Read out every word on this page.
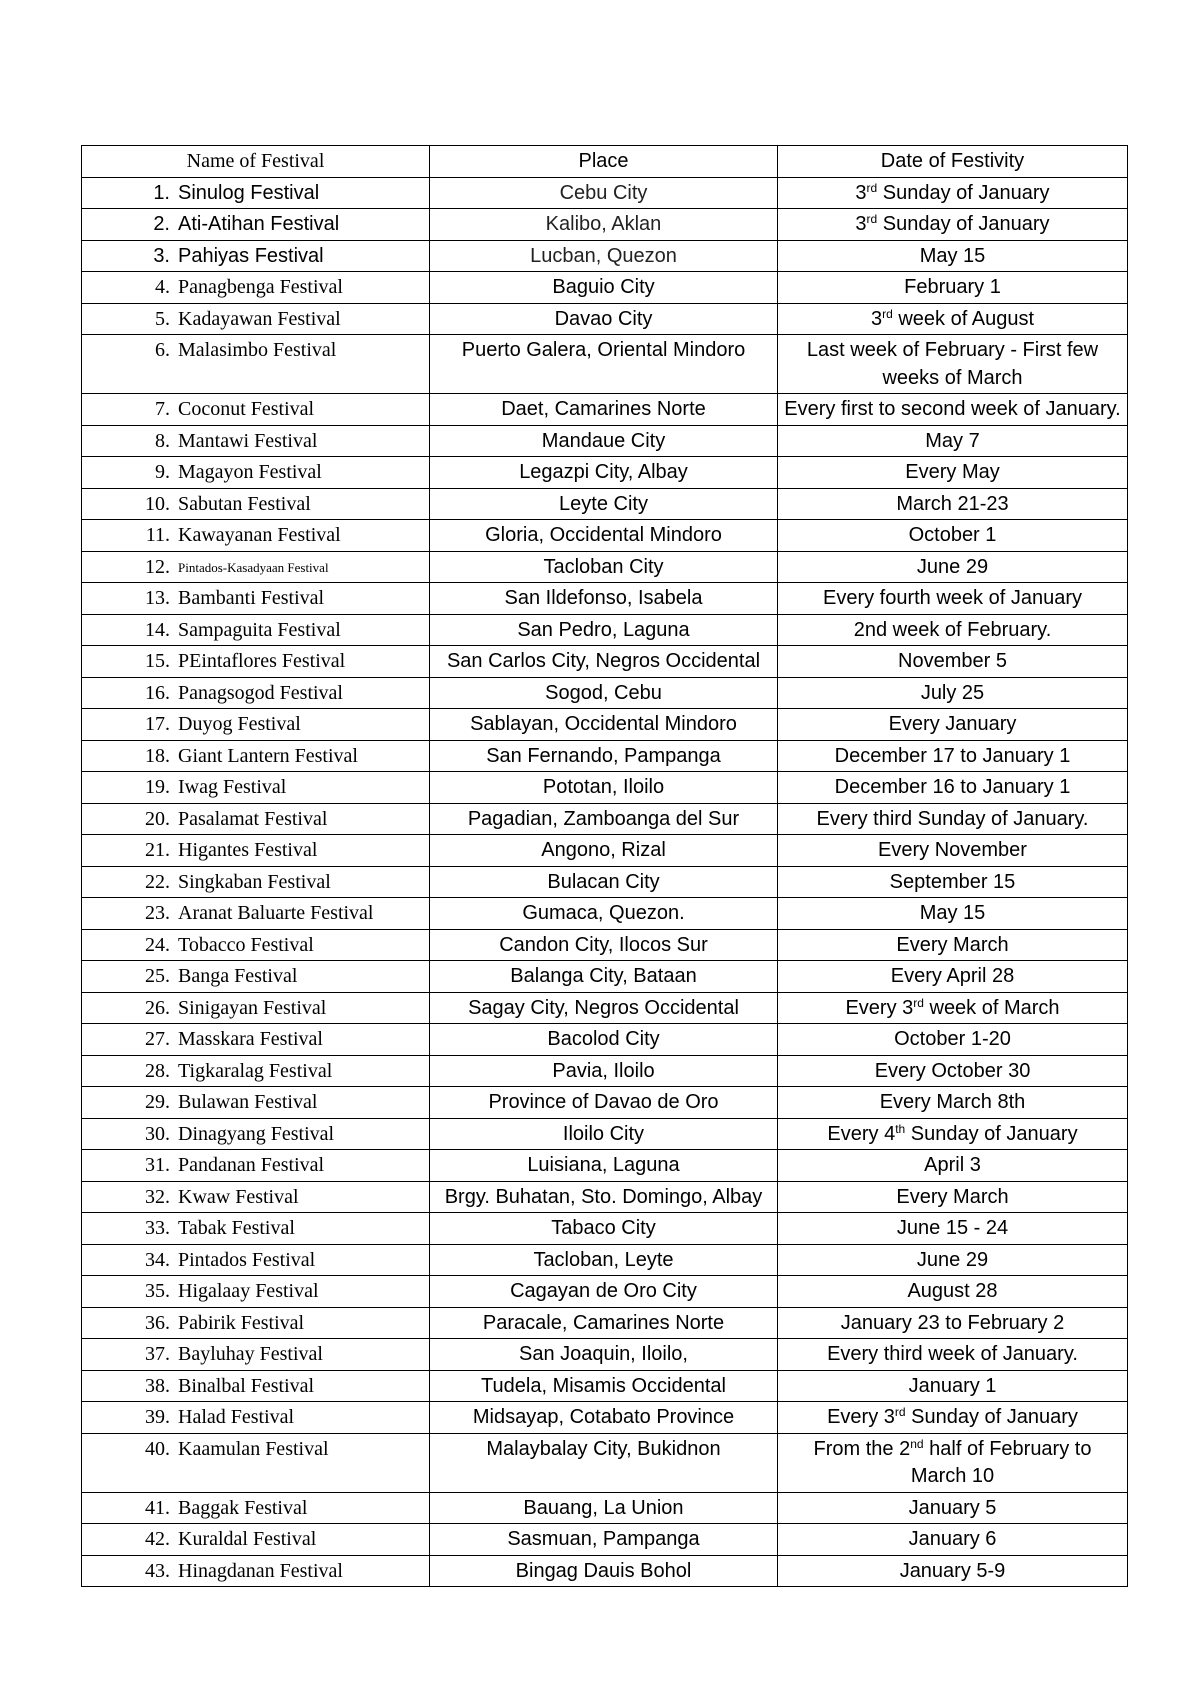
Name of Festival	Place	Date of Festivity

1. Sinulog Festival	Cebu City	3rd Sunday of January

2. Ati-Atihan Festival	Kalibo, Aklan	3rd Sunday of January

3. Pahiyas Festival	Lucban, Quezon	May 15

4. Panagbenga Festival	Baguio City	February 1

5. Kadayawan Festival	Davao City	3rd week of August

6. Malasimbo Festival	Puerto Galera, Oriental Mindoro	Last week of February - First few weeks of March

7. Coconut Festival	Daet, Camarines Norte	Every first to second week of January.

8. Mantawi Festival	Mandaue City	May 7

9. Magayon Festival	Legazpi City, Albay	Every May

10. Sabutan Festival	Leyte City	March 21-23

11. Kawayanan Festival	Gloria, Occidental Mindoro	October 1

12. Pintados-Kasadyaan Festival	Tacloban City	June 29

13. Bambanti Festival	San Ildefonso, Isabela	Every fourth week of January

14. Sampaguita Festival	San Pedro, Laguna	2nd week of February.

15. PEintaflores Festival	San Carlos City, Negros Occidental	November 5

16. Panagsogod Festival	Sogod, Cebu	July 25

17. Duyog Festival	Sablayan, Occidental Mindoro	Every January

18. Giant Lantern Festival	San Fernando, Pampanga	December 17 to January 1

19. Iwag Festival	Pototan, Iloilo	December 16 to January 1

20. Pasalamat Festival	Pagadian, Zamboanga del Sur	Every third Sunday of January.

21. Higantes Festival	Angono, Rizal	Every November

22. Singkaban Festival	Bulacan City	September 15

23. Aranat Baluarte Festival	Gumaca, Quezon.	May 15

24. Tobacco Festival	Candon City, Ilocos Sur	Every March

25. Banga Festival	Balanga City, Bataan	Every April 28

26. Sinigayan Festival	Sagay City, Negros Occidental	Every 3rd week of March

27. Masskara Festival	Bacolod City	October 1-20

28. Tigkaralag Festival	Pavia, Iloilo	Every October 30

29. Bulawan Festival	Province of Davao de Oro	Every March 8th

30. Dinagyang Festival	Iloilo City	Every 4th Sunday of January

31. Pandanan Festival	Luisiana, Laguna	April 3

32. Kwaw Festival	Brgy. Buhatan, Sto. Domingo, Albay	Every March

33. Tabak Festival	Tabaco City	June 15 - 24

34. Pintados Festival	Tacloban, Leyte	June 29

35. Higalaay Festival	Cagayan de Oro City	August 28

36. Pabirik Festival	Paracale, Camarines Norte	January 23 to February 2

37. Bayluhay Festival	San Joaquin, Iloilo,	Every third week of January.

38. Binalbal Festival	Tudela, Misamis Occidental	January 1

39. Halad Festival	Midsayap, Cotabato Province	Every 3rd Sunday of January

40. Kaamulan Festival	Malaybalay City, Bukidnon	From the 2nd half of February to March 10

41. Baggak Festival	Bauang, La Union	January 5

42. Kuraldal Festival	Sasmuan, Pampanga	January 6

43. Hinagdanan Festival	Bingag Dauis Bohol	January 5-9
